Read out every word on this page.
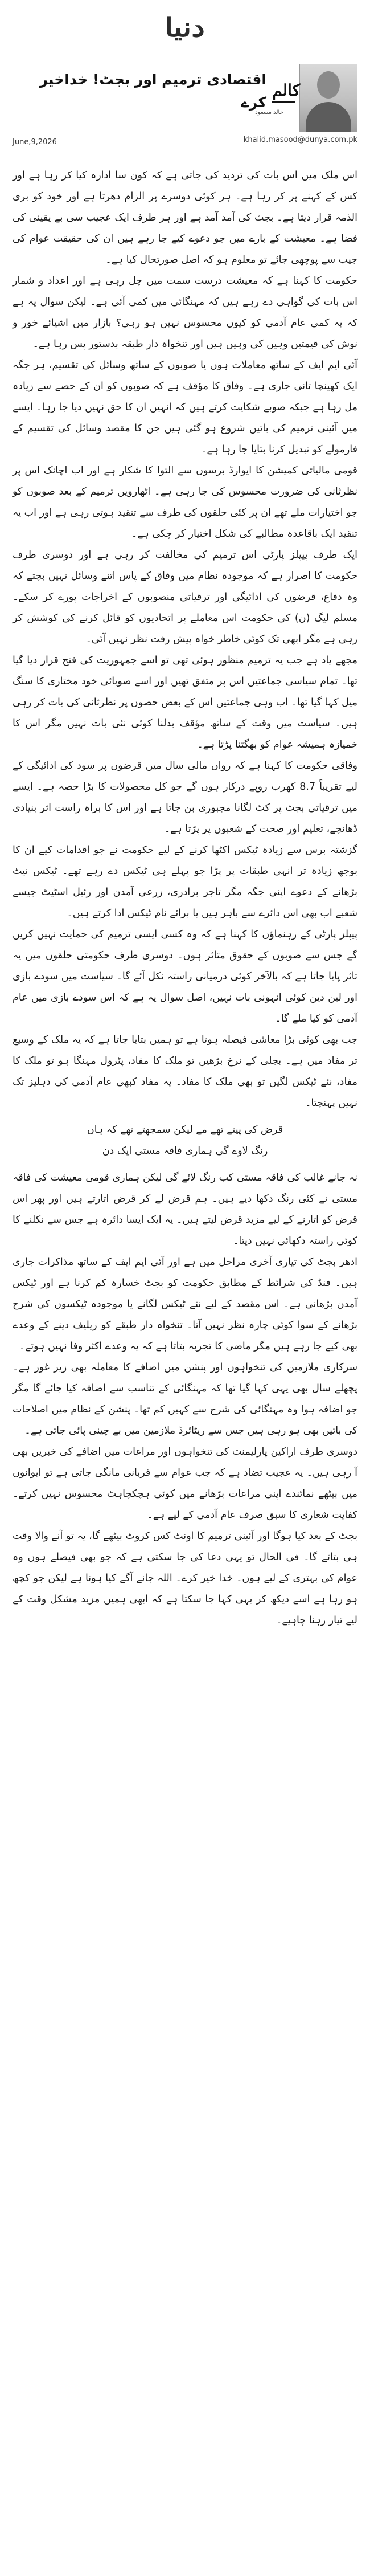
دنیا
کالم
اقتصادی ترمیم اور بجٹ! خداخیر کرے
خالد مسعود
June,9,2026	khalid.masood@dunya.com.pk

اس ملک میں اس بات کی تردید کی جاتی ہے کہ کون سا ادارہ کیا کر رہا ہے اور کس کے کہنے پر کر رہا ہے۔ ہر کوئی دوسرے پر الزام دھرتا ہے اور خود کو بری الذمہ قرار دیتا ہے۔ بجٹ کی آمد آمد ہے اور ہر طرف ایک عجیب سی بے یقینی کی فضا ہے۔ معیشت کے بارے میں جو دعوے کیے جا رہے ہیں ان کی حقیقت عوام کی جیب سے پوچھی جائے تو معلوم ہو کہ اصل صورتحال کیا ہے۔

حکومت کا کہنا ہے کہ معیشت درست سمت میں چل رہی ہے اور اعداد و شمار اس بات کی گواہی دے رہے ہیں کہ مہنگائی میں کمی آئی ہے۔ لیکن سوال یہ ہے کہ یہ کمی عام آدمی کو کیوں محسوس نہیں ہو رہی؟ بازار میں اشیائے خور و نوش کی قیمتیں وہیں کی وہیں ہیں اور تنخواہ دار طبقہ بدستور پس رہا ہے۔

آئی ایم ایف کے ساتھ معاملات ہوں یا صوبوں کے ساتھ وسائل کی تقسیم، ہر جگہ ایک کھینچا تانی جاری ہے۔ وفاق کا مؤقف ہے کہ صوبوں کو ان کے حصے سے زیادہ مل رہا ہے جبکہ صوبے شکایت کرتے ہیں کہ انہیں ان کا حق نہیں دیا جا رہا۔ ایسے میں آئینی ترمیم کی باتیں شروع ہو گئی ہیں جن کا مقصد وسائل کی تقسیم کے فارمولے کو تبدیل کرنا بتایا جا رہا ہے۔

قومی مالیاتی کمیشن کا ایوارڈ برسوں سے التوا کا شکار ہے اور اب اچانک اس پر نظرثانی کی ضرورت محسوس کی جا رہی ہے۔ اٹھارویں ترمیم کے بعد صوبوں کو جو اختیارات ملے تھے ان پر کئی حلقوں کی طرف سے تنقید ہوتی رہی ہے اور اب یہ تنقید ایک باقاعدہ مطالبے کی شکل اختیار کر چکی ہے۔

ایک طرف پیپلز پارٹی اس ترمیم کی مخالفت کر رہی ہے اور دوسری طرف حکومت کا اصرار ہے کہ موجودہ نظام میں وفاق کے پاس اتنے وسائل نہیں بچتے کہ وہ دفاع، قرضوں کی ادائیگی اور ترقیاتی منصوبوں کے اخراجات پورے کر سکے۔ مسلم لیگ (ن) کی حکومت اس معاملے پر اتحادیوں کو قائل کرنے کی کوشش کر رہی ہے مگر ابھی تک کوئی خاطر خواہ پیش رفت نظر نہیں آئی۔

مجھے یاد ہے جب یہ ترمیم منظور ہوئی تھی تو اسے جمہوریت کی فتح قرار دیا گیا تھا۔ تمام سیاسی جماعتیں اس پر متفق تھیں اور اسے صوبائی خود مختاری کا سنگ میل کہا گیا تھا۔ اب وہی جماعتیں اس کے بعض حصوں پر نظرثانی کی بات کر رہی ہیں۔ سیاست میں وقت کے ساتھ مؤقف بدلنا کوئی نئی بات نہیں مگر اس کا خمیازہ ہمیشہ عوام کو بھگتنا پڑتا ہے۔

وفاقی حکومت کا کہنا ہے کہ رواں مالی سال میں قرضوں پر سود کی ادائیگی کے لیے تقریباً 8.7 کھرب روپے درکار ہوں گے جو کل محصولات کا بڑا حصہ ہے۔ ایسے میں ترقیاتی بجٹ پر کٹ لگانا مجبوری بن جاتا ہے اور اس کا براہ راست اثر بنیادی ڈھانچے، تعلیم اور صحت کے شعبوں پر پڑتا ہے۔

گزشتہ برس سے زیادہ ٹیکس اکٹھا کرنے کے لیے حکومت نے جو اقدامات کیے ان کا بوجھ زیادہ تر انہی طبقات پر پڑا جو پہلے ہی ٹیکس دے رہے تھے۔ ٹیکس نیٹ بڑھانے کے دعوے اپنی جگہ مگر تاجر برادری، زرعی آمدن اور رئیل اسٹیٹ جیسے شعبے اب بھی اس دائرے سے باہر ہیں یا برائے نام ٹیکس ادا کرتے ہیں۔

پیپلز پارٹی کے رہنماؤں کا کہنا ہے کہ وہ کسی ایسی ترمیم کی حمایت نہیں کریں گے جس سے صوبوں کے حقوق متاثر ہوں۔ دوسری طرف حکومتی حلقوں میں یہ تاثر پایا جاتا ہے کہ بالآخر کوئی درمیانی راستہ نکل آئے گا۔ سیاست میں سودے بازی اور لین دین کوئی انہونی بات نہیں، اصل سوال یہ ہے کہ اس سودے بازی میں عام آدمی کو کیا ملے گا۔

جب بھی کوئی بڑا معاشی فیصلہ ہوتا ہے تو ہمیں بتایا جاتا ہے کہ یہ ملک کے وسیع تر مفاد میں ہے۔ بجلی کے نرخ بڑھیں تو ملک کا مفاد، پٹرول مہنگا ہو تو ملک کا مفاد، نئے ٹیکس لگیں تو بھی ملک کا مفاد۔ یہ مفاد کبھی عام آدمی کی دہلیز تک نہیں پہنچتا۔

قرض کی پیتے تھے مے لیکن سمجھتے تھے کہ ہاں
رنگ لاوے گی ہماری فاقہ مستی ایک دن

نہ جانے غالب کی فاقہ مستی کب رنگ لائے گی لیکن ہماری قومی معیشت کی فاقہ مستی نے کئی رنگ دکھا دیے ہیں۔ ہم قرض لے کر قرض اتارتے ہیں اور پھر اس قرض کو اتارنے کے لیے مزید قرض لیتے ہیں۔ یہ ایک ایسا دائرہ ہے جس سے نکلنے کا کوئی راستہ دکھائی نہیں دیتا۔

ادھر بجٹ کی تیاری آخری مراحل میں ہے اور آئی ایم ایف کے ساتھ مذاکرات جاری ہیں۔ فنڈ کی شرائط کے مطابق حکومت کو بجٹ خسارہ کم کرنا ہے اور ٹیکس آمدن بڑھانی ہے۔ اس مقصد کے لیے نئے ٹیکس لگانے یا موجودہ ٹیکسوں کی شرح بڑھانے کے سوا کوئی چارہ نظر نہیں آتا۔ تنخواہ دار طبقے کو ریلیف دینے کے وعدے بھی کیے جا رہے ہیں مگر ماضی کا تجربہ بتاتا ہے کہ یہ وعدے اکثر وفا نہیں ہوتے۔

سرکاری ملازمین کی تنخواہوں اور پنشن میں اضافے کا معاملہ بھی زیر غور ہے۔ پچھلے سال بھی یہی کہا گیا تھا کہ مہنگائی کے تناسب سے اضافہ کیا جائے گا مگر جو اضافہ ہوا وہ مہنگائی کی شرح سے کہیں کم تھا۔ پنشن کے نظام میں اصلاحات کی باتیں بھی ہو رہی ہیں جس سے ریٹائرڈ ملازمین میں بے چینی پائی جاتی ہے۔

دوسری طرف اراکین پارلیمنٹ کی تنخواہوں اور مراعات میں اضافے کی خبریں بھی آ رہی ہیں۔ یہ عجیب تضاد ہے کہ جب عوام سے قربانی مانگی جاتی ہے تو ایوانوں میں بیٹھے نمائندے اپنی مراعات بڑھانے میں کوئی ہچکچاہٹ محسوس نہیں کرتے۔ کفایت شعاری کا سبق صرف عام آدمی کے لیے ہے۔

بجٹ کے بعد کیا ہوگا اور آئینی ترمیم کا اونٹ کس کروٹ بیٹھے گا، یہ تو آنے والا وقت ہی بتائے گا۔ فی الحال تو یہی دعا کی جا سکتی ہے کہ جو بھی فیصلے ہوں وہ عوام کی بہتری کے لیے ہوں۔ خدا خیر کرے۔ اللہ جانے آگے کیا ہونا ہے لیکن جو کچھ ہو رہا ہے اسے دیکھ کر یہی کہا جا سکتا ہے کہ ابھی ہمیں مزید مشکل وقت کے لیے تیار رہنا چاہیے۔
